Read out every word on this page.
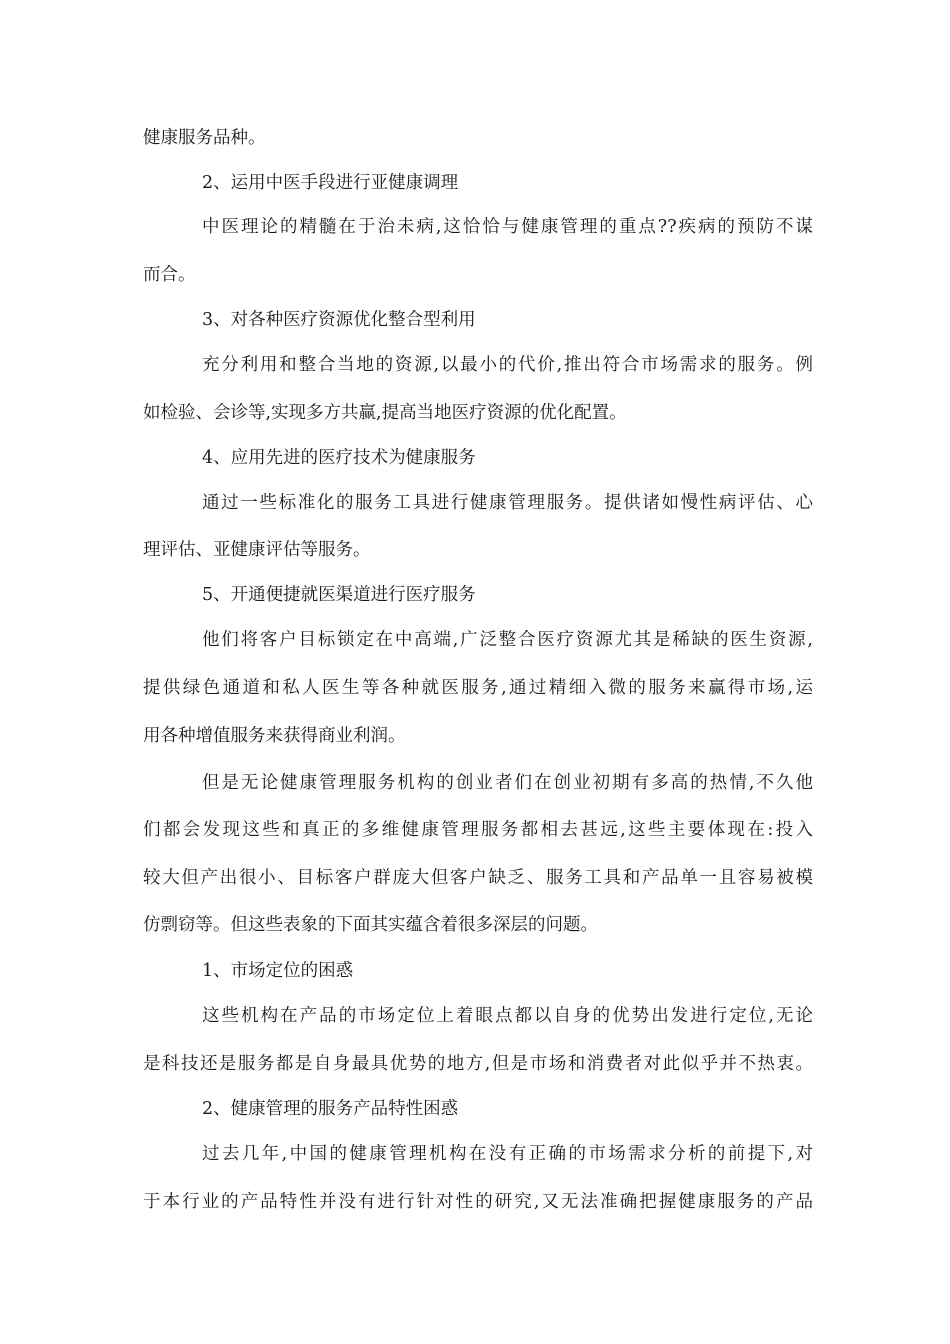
健康服务品种。
2、运用中医手段进行亚健康调理
中医理论的精髓在于治未病,这恰恰与健康管理的重点??疾病的预防不谋
而合。
3、对各种医疗资源优化整合型利用
充分利用和整合当地的资源,以最小的代价,推出符合市场需求的服务。例
如检验、会诊等,实现多方共赢,提高当地医疗资源的优化配置。
4、应用先进的医疗技术为健康服务
通过一些标准化的服务工具进行健康管理服务。提供诸如慢性病评估、心
理评估、亚健康评估等服务。
5、开通便捷就医渠道进行医疗服务
他们将客户目标锁定在中高端,广泛整合医疗资源尤其是稀缺的医生资源,
提供绿色通道和私人医生等各种就医服务,通过精细入微的服务来赢得市场,运
用各种增值服务来获得商业利润。
但是无论健康管理服务机构的创业者们在创业初期有多高的热情,不久他
们都会发现这些和真正的多维健康管理服务都相去甚远,这些主要体现在:投入
较大但产出很小、目标客户群庞大但客户缺乏、服务工具和产品单一且容易被模
仿剽窃等。但这些表象的下面其实蕴含着很多深层的问题。
1、市场定位的困惑
这些机构在产品的市场定位上着眼点都以自身的优势出发进行定位,无论
是科技还是服务都是自身最具优势的地方,但是市场和消费者对此似乎并不热衷。
2、健康管理的服务产品特性困惑
过去几年,中国的健康管理机构在没有正确的市场需求分析的前提下,对
于本行业的产品特性并没有进行针对性的研究,又无法准确把握健康服务的产品
